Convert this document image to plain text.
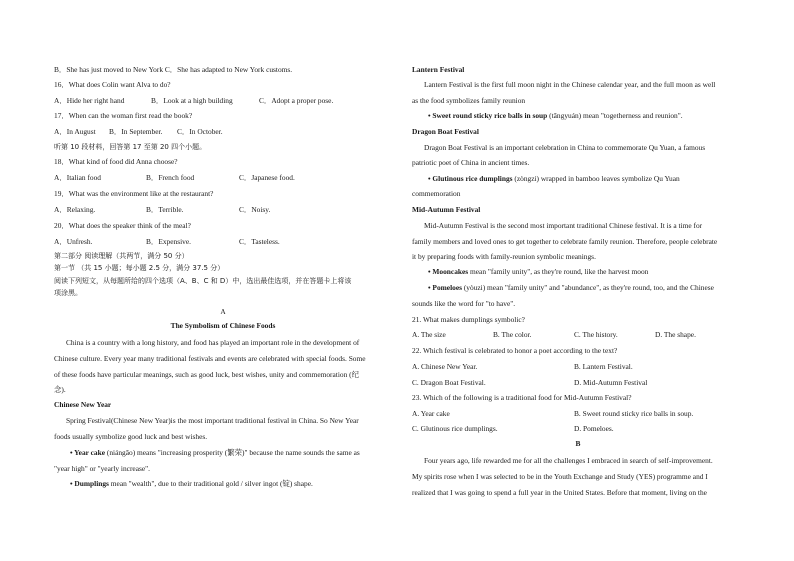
B．She has just moved to New York C．She has adapted to New York customs.
16．What does Colin want Alva to do?
A．Hide her right hand	B．Look at a high building	C．Adopt a proper pose.
17．When can the woman first read the book?
A．In August B．In September. C．In October.
听第 10 段材料，回答第 17 至第 20 四个小题。
18．What kind of food did Anna choose?
A．Italian food	B．French food	C．Japanese food.
19．What was the environment like at the restaurant?
A．Relaxing.	B．Terrible.	C．Noisy.
20．What does the speaker think of the meal?
A．Unfresh.	B．Expensive.	C．Tasteless.
第二部分 阅读理解（共两节，满分 50 分）
第一节 （共 15 小题；每小题 2.5 分，满分 37.5 分）
阅读下列短文，从每题所给的四个选项（A、B、C 和 D）中，选出最佳选项，并在答题卡上将该
项涂黑。
A
The Symbolism of Chinese Foods
China is a country with a long history, and food has played an important role in the development of
Chinese culture. Every year many traditional festivals and events are celebrated with special foods. Some
of these foods have particular meanings, such as good luck, best wishes, unity and commemoration (纪
念).
Chinese New Year
Spring Festival(Chinese New Year)is the most important traditional festival in China. So New Year
foods usually symbolize good luck and best wishes.
• Year cake (niángāo) means "increasing prosperity (繁荣)" because the name sounds the same as
"year high" or "yearly increase".
• Dumplings mean "wealth", due to their traditional gold / silver ingot (锭) shape.
Lantern Festival
Lantern Festival is the first full moon night in the Chinese calendar year, and the full moon as well
as the food symbolizes family reunion
• Sweet round sticky rice balls in soup (tāngyuán) mean "togetherness and reunion".
Dragon Boat Festival
Dragon Boat Festival is an important celebration in China to commemorate Qu Yuan, a famous
patriotic poet of China in ancient times.
• Glutinous rice dumplings (zòngzi) wrapped in bamboo leaves symbolize Qu Yuan
commemoration
Mid-Autumn Festival
Mid-Autumn Festival is the second most important traditional Chinese festival. It is a time for
family members and loved ones to get together to celebrate family reunion. Therefore, people celebrate
it by preparing foods with family-reunion symbolic meanings.
• Mooncakes mean "family unity", as they're round, like the harvest moon
• Pomeloes (yòuzi) mean "family unity" and "abundance", as they're round, too, and the Chinese
sounds like the word for "to have".
21. What makes dumplings symbolic?
A. The size	B. The color.	C. The history.	D. The shape.
22. Which festival is celebrated to honor a poet according to the text?
A. Chinese New Year.	B. Lantern Festival.
C. Dragon Boat Festival.	D. Mid-Autumn Festival
23. Which of the following is a traditional food for Mid-Autumn Festival?
A. Year cake	B. Sweet round sticky rice balls in soup.
C. Glutinous rice dumplings.	D. Pomeloes.
B
Four years ago, life rewarded me for all the challenges I embraced in search of self-improvement.
My spirits rose when I was selected to be in the Youth Exchange and Study (YES) programme and I
realized that I was going to spend a full year in the United States. Before that moment, living on the
